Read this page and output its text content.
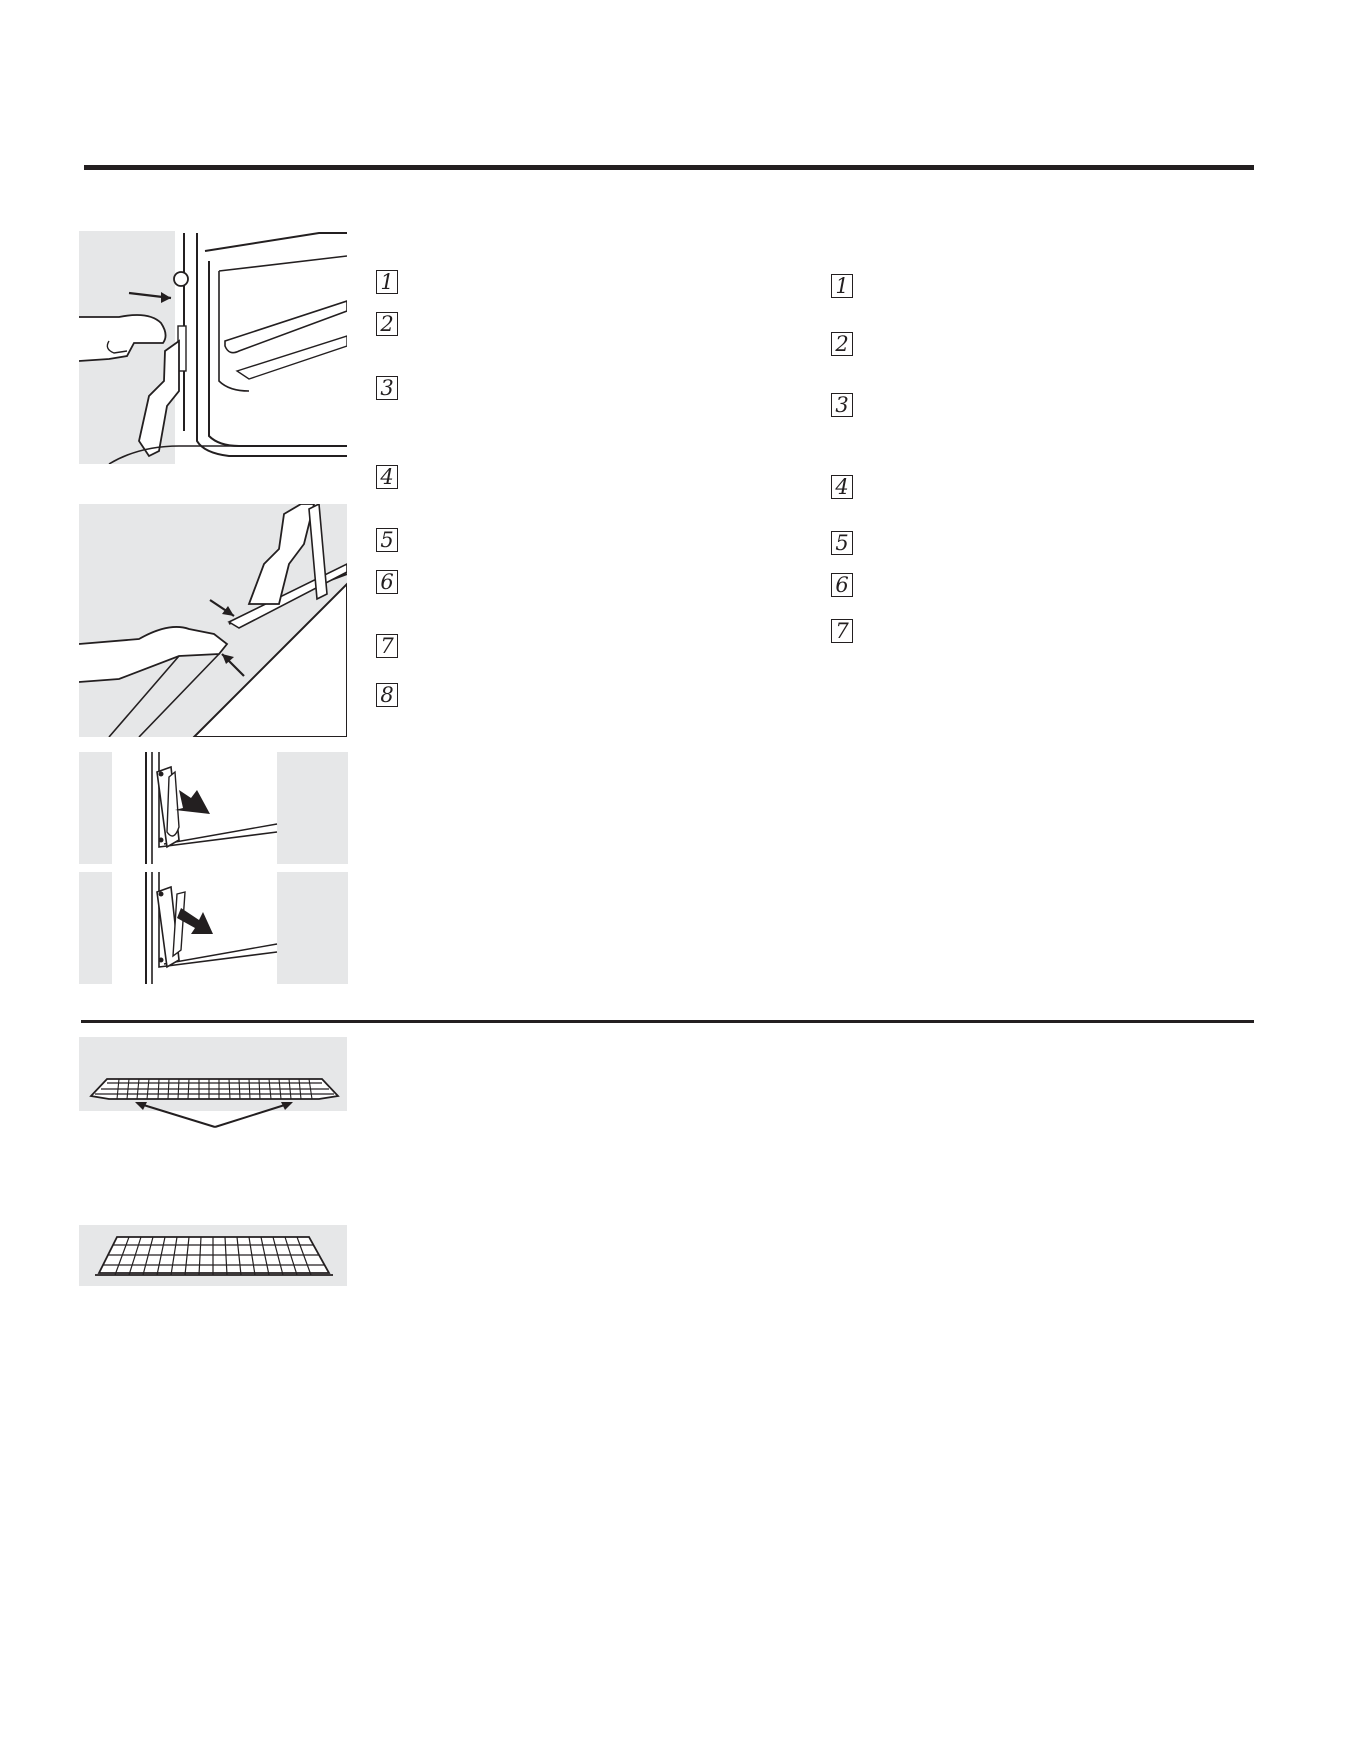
1
2
3
4
5
6
7
8
1
2
3
4
5
6
7
